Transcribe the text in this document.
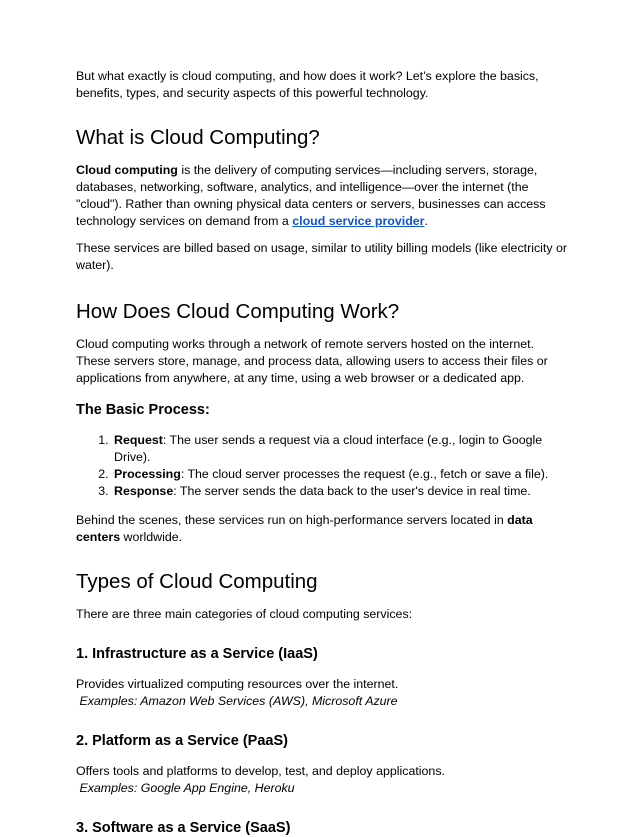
But what exactly is cloud computing, and how does it work? Let’s explore the basics, benefits, types, and security aspects of this powerful technology.

What is Cloud Computing?

Cloud computing is the delivery of computing services—including servers, storage, databases, networking, software, analytics, and intelligence—over the internet (the "cloud"). Rather than owning physical data centers or servers, businesses can access technology services on demand from a cloud service provider.

These services are billed based on usage, similar to utility billing models (like electricity or water).

How Does Cloud Computing Work?

Cloud computing works through a network of remote servers hosted on the internet. These servers store, manage, and process data, allowing users to access their files or applications from anywhere, at any time, using a web browser or a dedicated app.

The Basic Process:
1. Request: The user sends a request via a cloud interface (e.g., login to Google Drive).
2. Processing: The cloud server processes the request (e.g., fetch or save a file).
3. Response: The server sends the data back to the user's device in real time.

Behind the scenes, these services run on high-performance servers located in data centers worldwide.

Types of Cloud Computing

There are three main categories of cloud computing services:

1. Infrastructure as a Service (IaaS)

Provides virtualized computing resources over the internet.

Examples: Amazon Web Services (AWS), Microsoft Azure

2. Platform as a Service (PaaS)

Offers tools and platforms to develop, test, and deploy applications.

Examples: Google App Engine, Heroku

3. Software as a Service (SaaS)
